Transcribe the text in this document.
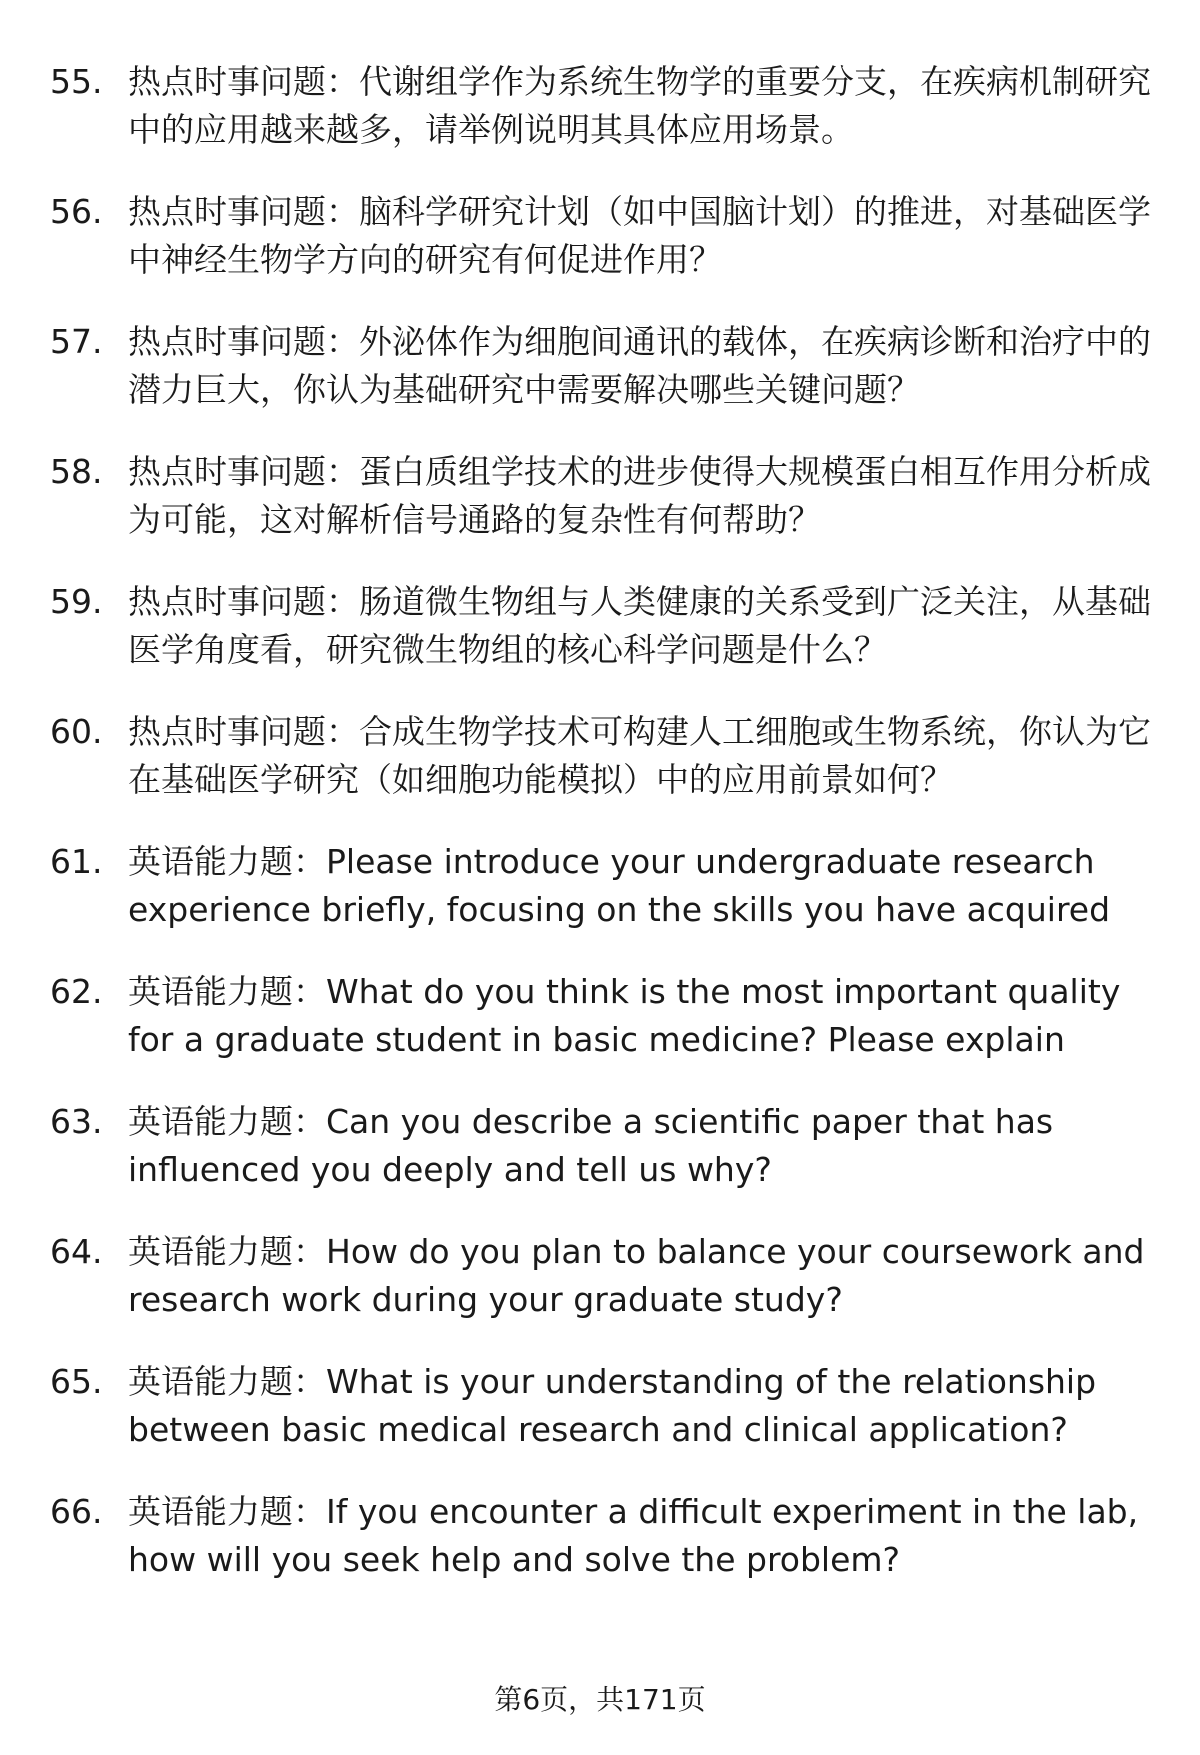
55. 热点时事问题：代谢组学作为系统生物学的重要分支，在疾病机制研究中的应用越来越多，请举例说明其具体应用场景。
56. 热点时事问题：脑科学研究计划（如中国脑计划）的推进，对基础医学中神经生物学方向的研究有何促进作用？
57. 热点时事问题：外泌体作为细胞间通讯的载体，在疾病诊断和治疗中的潜力巨大，你认为基础研究中需要解决哪些关键问题？
58. 热点时事问题：蛋白质组学技术的进步使得大规模蛋白相互作用分析成为可能，这对解析信号通路的复杂性有何帮助？
59. 热点时事问题：肠道微生物组与人类健康的关系受到广泛关注，从基础医学角度看，研究微生物组的核心科学问题是什么？
60. 热点时事问题：合成生物学技术可构建人工细胞或生物系统，你认为它在基础医学研究（如细胞功能模拟）中的应用前景如何？
61. 英语能力题：Please introduce your undergraduate research experience briefly, focusing on the skills you have acquired
62. 英语能力题：What do you think is the most important quality for a graduate student in basic medicine? Please explain
63. 英语能力题：Can you describe a scientific paper that has influenced you deeply and tell us why?
64. 英语能力题：How do you plan to balance your coursework and research work during your graduate study?
65. 英语能力题：What is your understanding of the relationship between basic medical research and clinical application?
66. 英语能力题：If you encounter a difficult experiment in the lab, how will you seek help and solve the problem?
第6页，共171页
